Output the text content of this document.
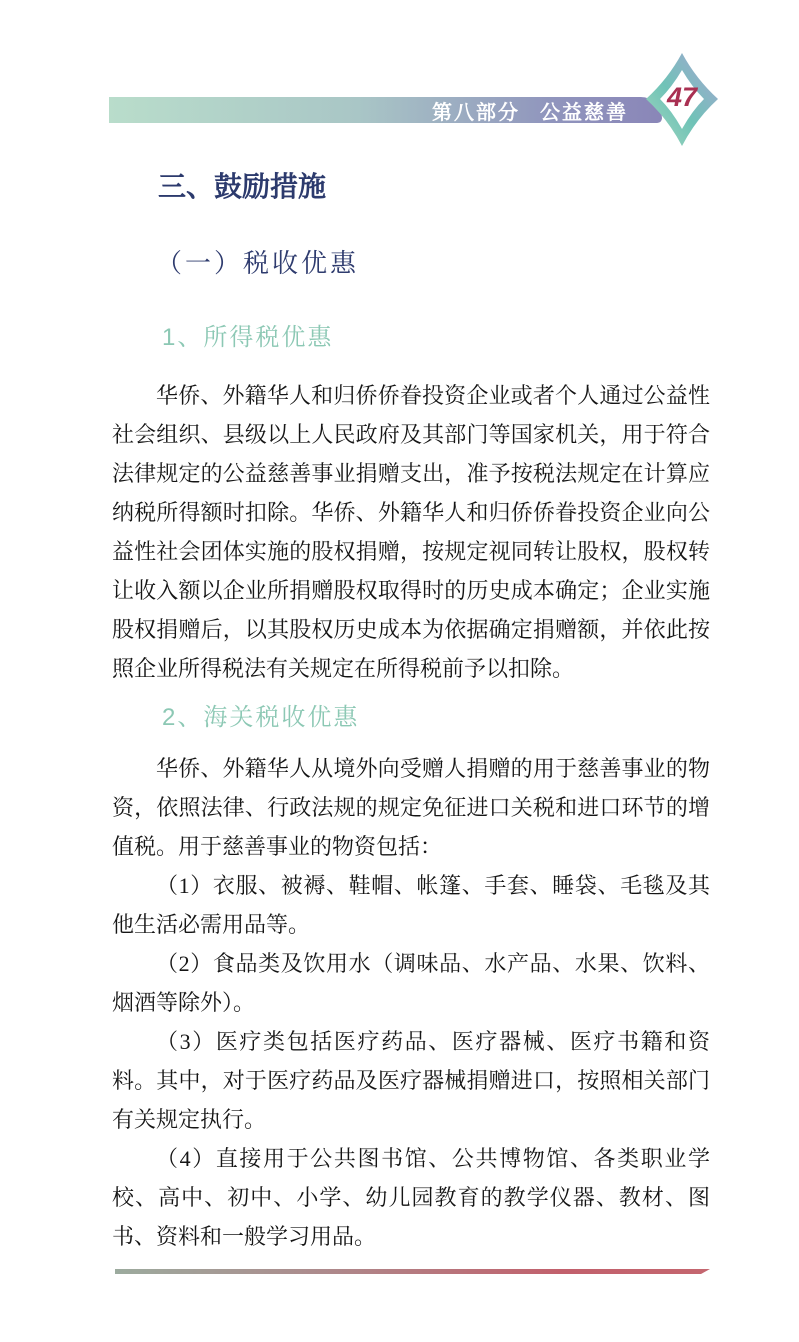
第八部分 公益慈善
47
三、鼓励措施
（一）税收优惠
1、所得税优惠

华侨、外籍华人和归侨侨眷投资企业或者个人通过公益性社会组织、县级以上人民政府及其部门等国家机关，用于符合法律规定的公益慈善事业捐赠支出，准予按税法规定在计算应纳税所得额时扣除。华侨、外籍华人和归侨侨眷投资企业向公益性社会团体实施的股权捐赠，按规定视同转让股权，股权转让收入额以企业所捐赠股权取得时的历史成本确定；企业实施股权捐赠后，以其股权历史成本为依据确定捐赠额，并依此按照企业所得税法有关规定在所得税前予以扣除。

2、海关税收优惠

华侨、外籍华人从境外向受赠人捐赠的用于慈善事业的物资，依照法律、行政法规的规定免征进口关税和进口环节的增值税。用于慈善事业的物资包括：

（1）衣服、被褥、鞋帽、帐篷、手套、睡袋、毛毯及其他生活必需用品等。

（2）食品类及饮用水（调味品、水产品、水果、饮料、烟酒等除外）。

（3）医疗类包括医疗药品、医疗器械、医疗书籍和资料。其中，对于医疗药品及医疗器械捐赠进口，按照相关部门有关规定执行。

（4）直接用于公共图书馆、公共博物馆、各类职业学校、高中、初中、小学、幼儿园教育的教学仪器、教材、图书、资料和一般学习用品。
